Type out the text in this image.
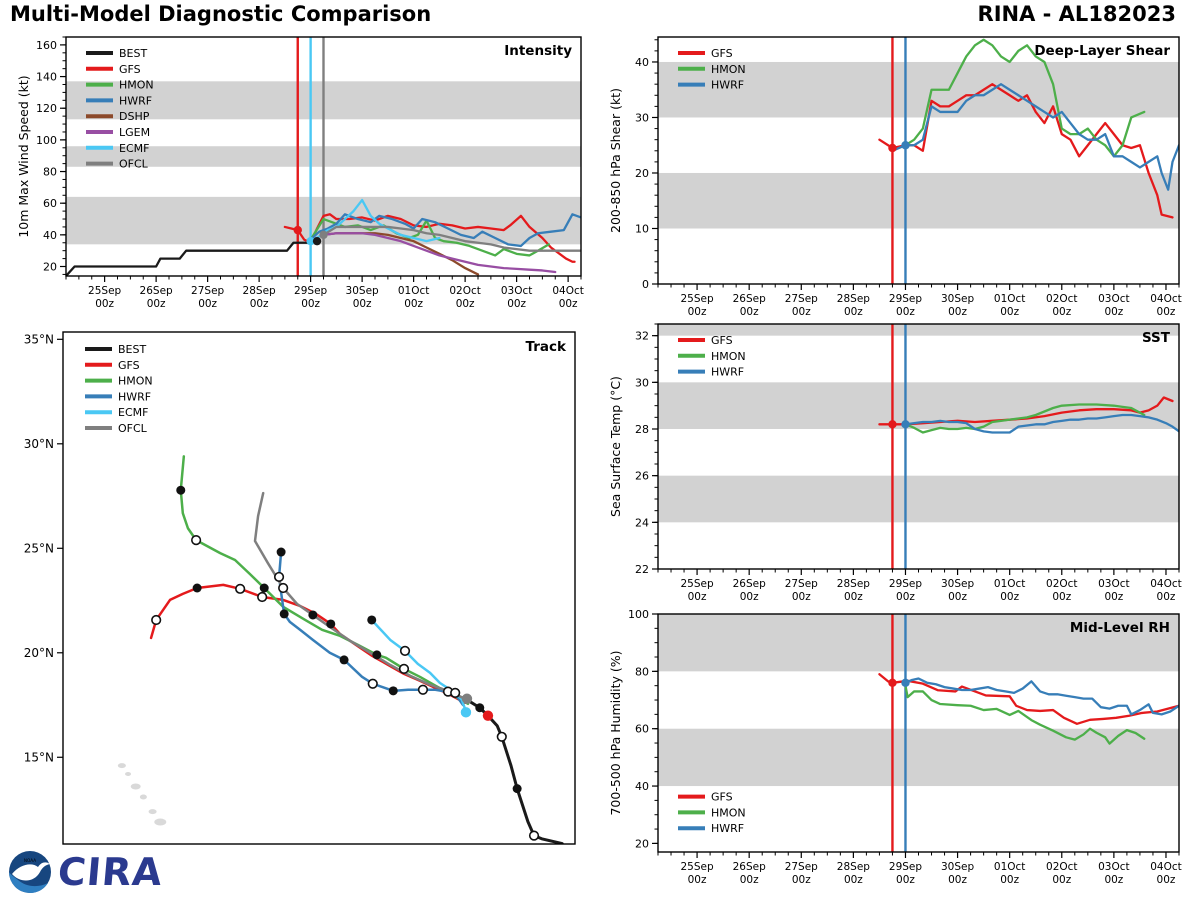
Multi-Model Diagnostic Comparison	RINA - AL182023
25Sep
00z
26Sep
00z
27Sep
00z
28Sep
00z
29Sep
00z
30Sep
00z
01Oct
00z
02Oct
00z
03Oct
00z
04Oct
00z
20
40
60
80
100
120
140
160
10m Max Wind Speed (kt)
Intensity
BEST
GFS
HMON
HWRF
DSHP
LGEM
ECMF
OFCL
25Sep
00z
26Sep
00z
27Sep
00z
28Sep
00z
29Sep
00z
30Sep
00z
01Oct
00z
02Oct
00z
03Oct
00z
04Oct
00z
0
10
20
30
40
200-850 hPa Shear (kt)
Deep-Layer Shear
GFS
HMON
HWRF
25Sep
00z
26Sep
00z
27Sep
00z
28Sep
00z
29Sep
00z
30Sep
00z
01Oct
00z
02Oct
00z
03Oct
00z
04Oct
00z
22
24
26
28
30
32
Sea Surface Temp (°C)
SST
GFS
HMON
HWRF
25Sep
00z
26Sep
00z
27Sep
00z
28Sep
00z
29Sep
00z
30Sep
00z
01Oct
00z
02Oct
00z
03Oct
00z
04Oct
00z
20
40
60
80
100
700-500 hPa Humidity (%)
Mid-Level RH
GFS
HMON
HWRF
15°N
20°N
25°N
30°N
35°N	Track
BEST
GFS
HMON
HWRF
ECMF
OFCL
NOAA CIRA
